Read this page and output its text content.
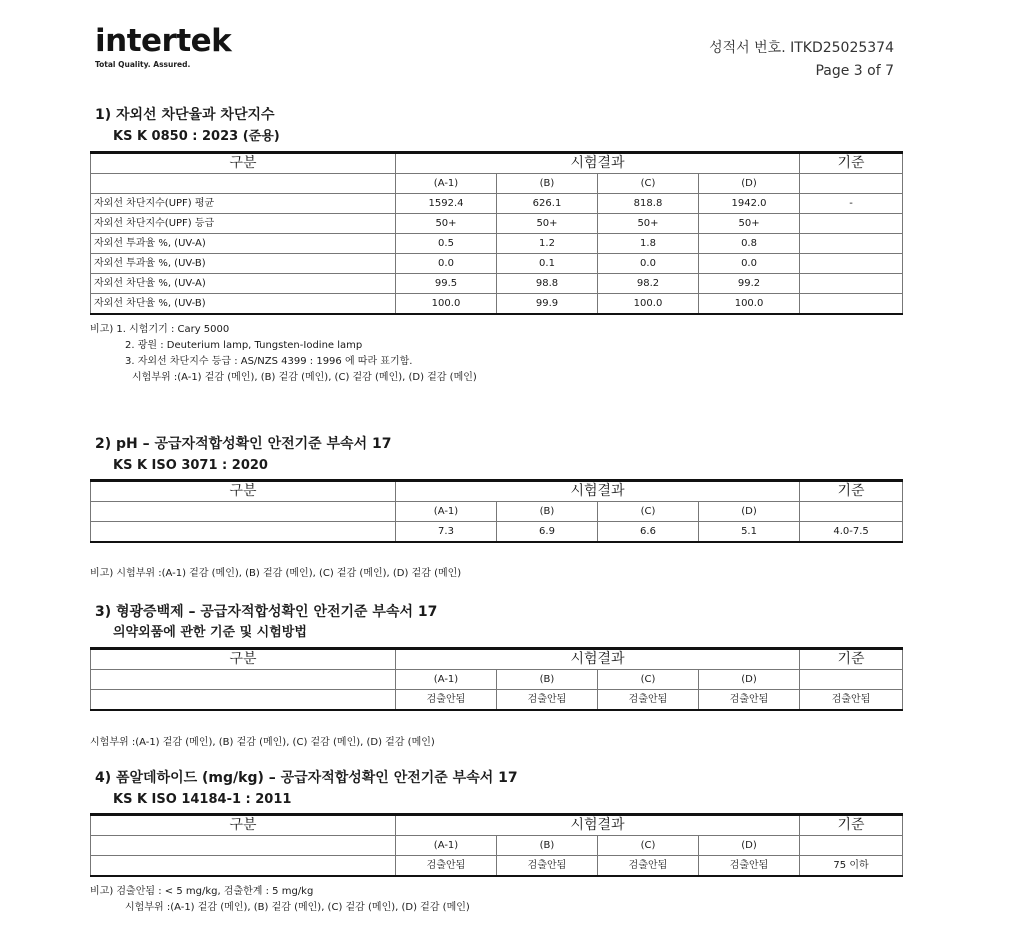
intertek
Total Quality. Assured.
성적서 번호. ITKD25025374
Page 3 of 7
1) 자외선 차단율과 차단지수
KS K 0850 : 2023 (준용)
구분	시험결과				기준
	(A-1)	(B)	(C)	(D)	
자외선 차단지수(UPF) 평균	1592.4	626.1	818.8	1942.0	-
자외선 차단지수(UPF) 등급	50+	50+	50+	50+	
자외선 투과율 %, (UV-A)	0.5	1.2	1.8	0.8	
자외선 투과율 %, (UV-B)	0.0	0.1	0.0	0.0	
자외선 차단율 %, (UV-A)	99.5	98.8	98.2	99.2	
자외선 차단율 %, (UV-B)	100.0	99.9	100.0	100.0	
비고) 1. 시험기기 : Cary 5000
2. 광원 : Deuterium lamp, Tungsten-Iodine lamp
3. 자외선 차단지수 등급 : AS/NZS 4399 : 1996 에 따라 표기함.
시험부위 :(A-1) 겉감 (메인), (B) 겉감 (메인), (C) 겉감 (메인), (D) 겉감 (메인)
2) pH – 공급자적합성확인 안전기준 부속서 17
KS K ISO 3071 : 2020
구분	시험결과				기준
	(A-1)	(B)	(C)	(D)	
	7.3	6.9	6.6	5.1	4.0-7.5
비고) 시험부위 :(A-1) 겉감 (메인), (B) 겉감 (메인), (C) 겉감 (메인), (D) 겉감 (메인)
3) 형광증백제 – 공급자적합성확인 안전기준 부속서 17
의약외품에 관한 기준 및 시험방법
구분	시험결과				기준
	(A-1)	(B)	(C)	(D)	
	검출안됨	검출안됨	검출안됨	검출안됨	검출안됨
시험부위 :(A-1) 겉감 (메인), (B) 겉감 (메인), (C) 겉감 (메인), (D) 겉감 (메인)
4) 폼알데하이드 (mg/kg) – 공급자적합성확인 안전기준 부속서 17
KS K ISO 14184-1 : 2011
구분	시험결과				기준
	(A-1)	(B)	(C)	(D)	
	검출안됨	검출안됨	검출안됨	검출안됨	75 이하
비고) 검출안됨 : < 5 mg/kg, 검출한계 : 5 mg/kg
시험부위 :(A-1) 겉감 (메인), (B) 겉감 (메인), (C) 겉감 (메인), (D) 겉감 (메인)
